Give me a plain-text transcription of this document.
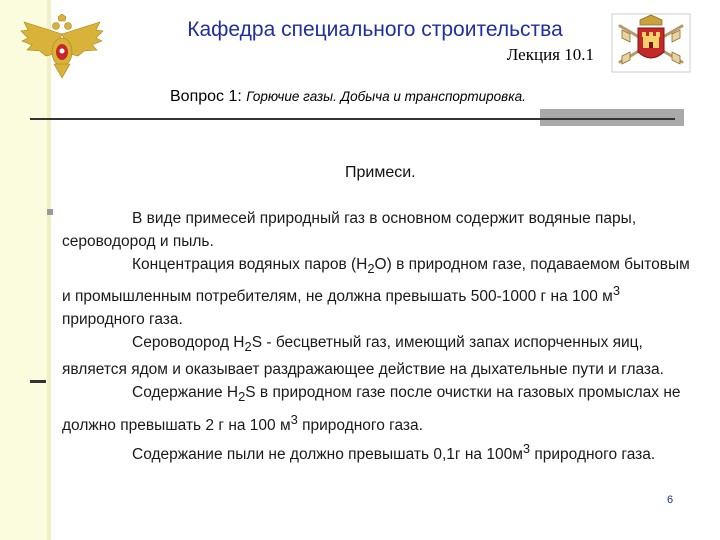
Кафедра специального строительства
Лекция 10.1
Вопрос 1: Горючие газы. Добыча и транспортировка.
Примеси.

В виде примесей природный газ в основном содержит водяные пары, сероводород и пыль.

Концентрация водяных паров $(Н_2О)$ в природном газе, подаваемом бытовым и промышленным потребителям, не должна превышать 500-1000 г на 100 $м^3$ природного газа.

Сероводород $Н_2S$ - бесцветный газ, имеющий запах испорченных яиц, является ядом и оказывает раздражающее действие на дыхательные пути и глаза.

Содержание $Н_2S$ в природном газе после очистки на газовых промыслах не должно превышать 2 г на 100 $м^3$ природного газа.

Содержание пыли не должно превышать 0,1г на $100м^3$ природного газа.

6
